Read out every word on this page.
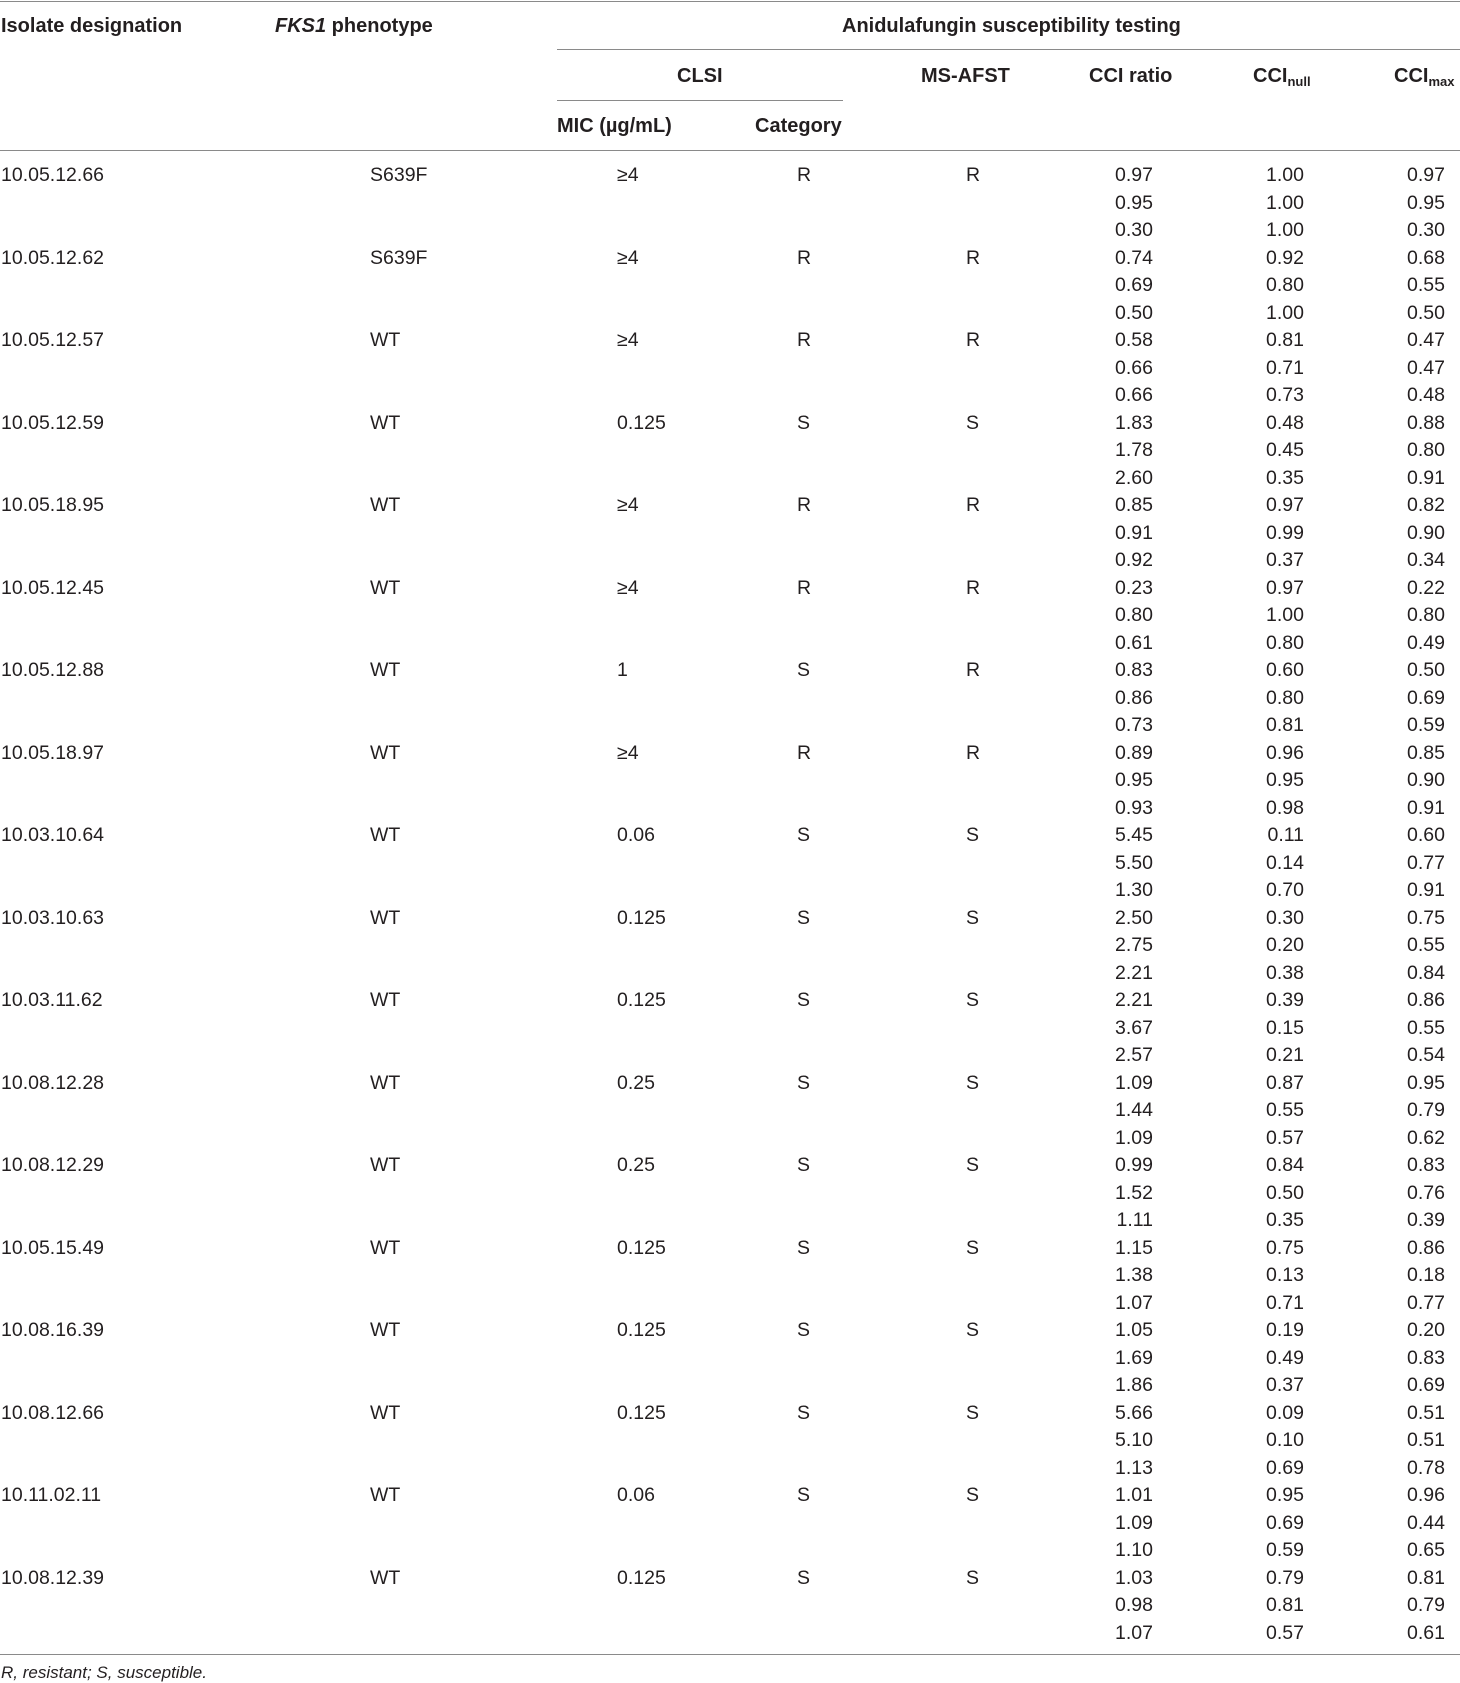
Isolate designation	FKS1 phenotype	Anidulafungin susceptibility testing
CLSI	MS-AFST	CCI ratio	$CCI_{null}$	$CCI_{max}$
MIC (µg/mL)	Category
10.05.12.66	S639F	≥4	R	R	0.97	1.00	0.97
0.95	1.00	0.95
0.30	1.00	0.30
10.05.12.62	S639F	≥4	R	R	0.74	0.92	0.68
0.69	0.80	0.55
0.50	1.00	0.50
10.05.12.57	WT	≥4	R	R	0.58	0.81	0.47
0.66	0.71	0.47
0.66	0.73	0.48
10.05.12.59	WT	0.125	S	S	1.83	0.48	0.88
1.78	0.45	0.80
2.60	0.35	0.91
10.05.18.95	WT	≥4	R	R	0.85	0.97	0.82
0.91	0.99	0.90
0.92	0.37	0.34
10.05.12.45	WT	≥4	R	R	0.23	0.97	0.22
0.80	1.00	0.80
0.61	0.80	0.49
10.05.12.88	WT	1	S	R	0.83	0.60	0.50
0.86	0.80	0.69
0.73	0.81	0.59
10.05.18.97	WT	≥4	R	R	0.89	0.96	0.85
0.95	0.95	0.90
0.93	0.98	0.91
10.03.10.64	WT	0.06	S	S	5.45	0.11	0.60
5.50	0.14	0.77
1.30	0.70	0.91
10.03.10.63	WT	0.125	S	S	2.50	0.30	0.75
2.75	0.20	0.55
2.21	0.38	0.84
10.03.11.62	WT	0.125	S	S	2.21	0.39	0.86
3.67	0.15	0.55
2.57	0.21	0.54
10.08.12.28	WT	0.25	S	S	1.09	0.87	0.95
1.44	0.55	0.79
1.09	0.57	0.62
10.08.12.29	WT	0.25	S	S	0.99	0.84	0.83
1.52	0.50	0.76
1.11	0.35	0.39
10.05.15.49	WT	0.125	S	S	1.15	0.75	0.86
1.38	0.13	0.18
1.07	0.71	0.77
10.08.16.39	WT	0.125	S	S	1.05	0.19	0.20
1.69	0.49	0.83
1.86	0.37	0.69
10.08.12.66	WT	0.125	S	S	5.66	0.09	0.51
5.10	0.10	0.51
1.13	0.69	0.78
10.11.02.11	WT	0.06	S	S	1.01	0.95	0.96
1.09	0.69	0.44
1.10	0.59	0.65
10.08.12.39	WT	0.125	S	S	1.03	0.79	0.81
0.98	0.81	0.79
1.07	0.57	0.61
R, resistant; S, susceptible.
